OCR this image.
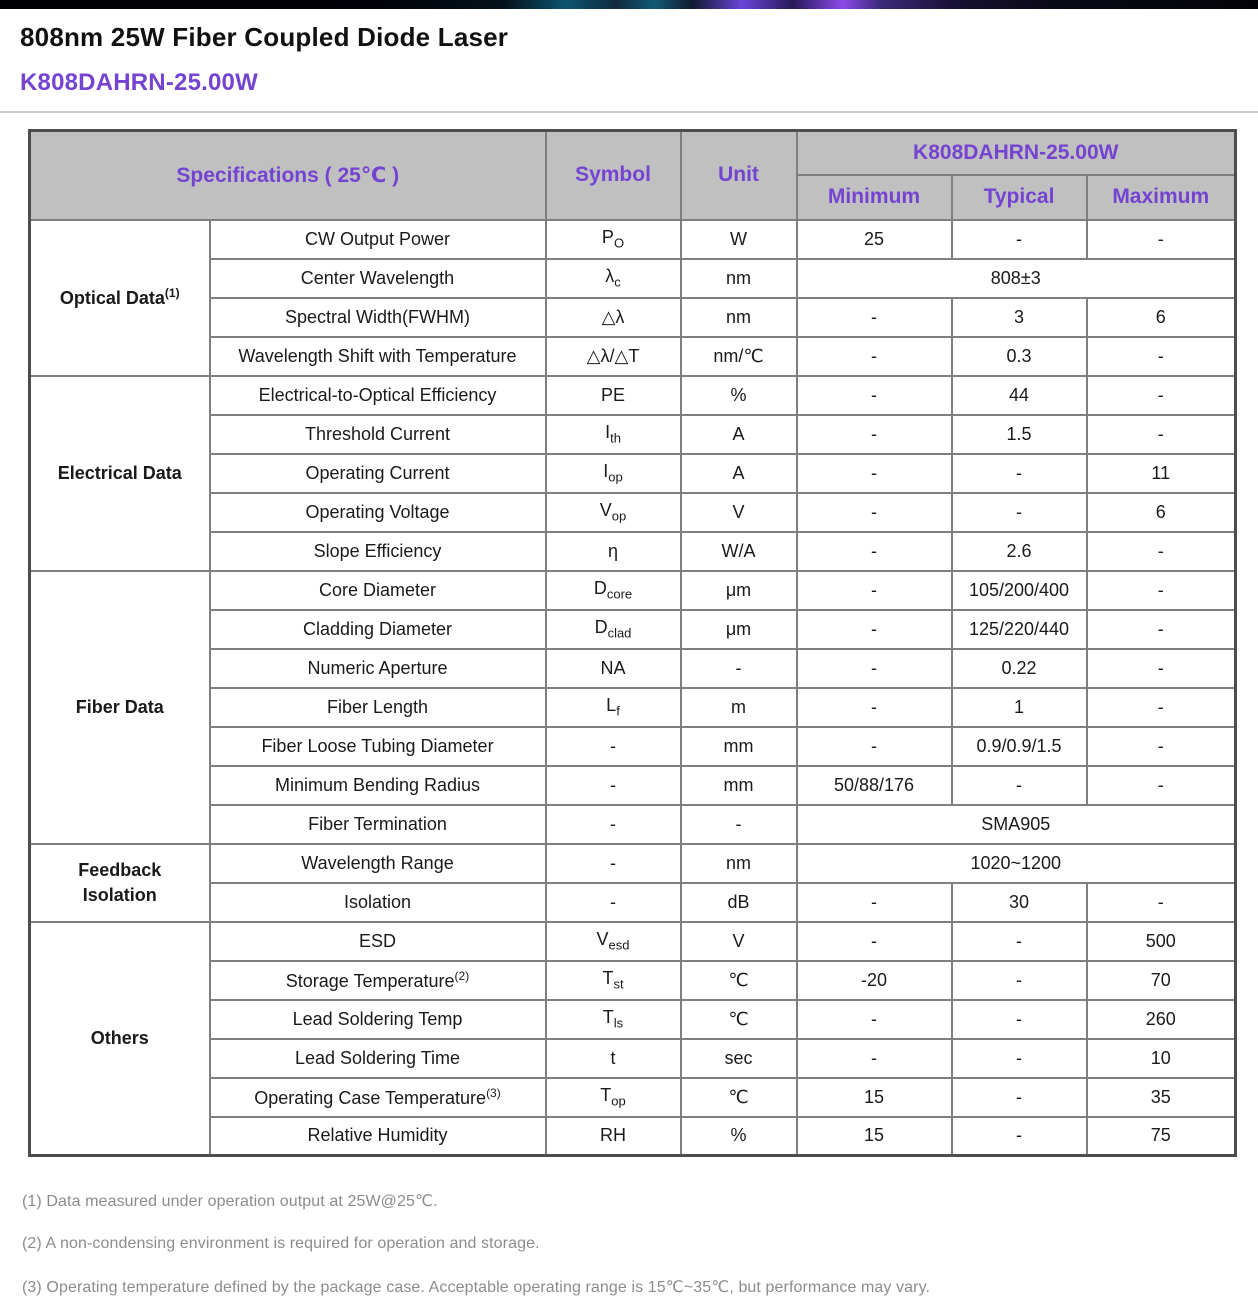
808nm 25W Fiber Coupled Diode Laser
K808DAHRN-25.00W
Specifications ( 25℃ )		Symbol	Unit	K808DAHRN-25.00W		
				Minimum	Typical	Maximum

Optical Data$^{(1)}$	CW Output Power	$P_O$	W	25	-	-
	Center Wavelength	$\lambda_c$	nm	808±3		
	Spectral Width(FWHM)	△λ	nm	-	3	6
	Wavelength Shift with Temperature	△λ/△T	nm/℃	-	0.3	-

Electrical Data	Electrical-to-Optical Efficiency	PE	%	-	44	-
	Threshold Current	$I_{th}$	A	-	1.5	-
	Operating Current	$I_{op}$	A	-	-	11
	Operating Voltage	$V_{op}$	V	-	-	6
	Slope Efficiency	η	W/A	-	2.6	-

Fiber Data	Core Diameter	$D_{core}$	μm	-	105/200/400	-
	Cladding Diameter	$D_{clad}$	μm	-	125/220/440	-
	Numeric Aperture	NA	-	-	0.22	-
	Fiber Length	$L_f$	m	-	1	-
	Fiber Loose Tubing Diameter	-	mm	-	0.9/0.9/1.5	-
	Minimum Bending Radius	-	mm	50/88/176	-	-
	Fiber Termination	-	-	SMA905		

Feedback
Isolation	Wavelength Range	-	nm	1020~1200		
	Isolation	-	dB	-	30	-

Others	ESD	$V_{esd}$	V	-	-	500
	Storage Temperature$^{(2)}$	$T_{st}$	℃	-20	-	70
	Lead Soldering Temp	$T_{ls}$	℃	-	-	260
	Lead Soldering Time	t	sec	-	-	10
	Operating Case Temperature$^{(3)}$	$T_{op}$	℃	15	-	35
	Relative Humidity	RH	%	15	-	75

(1) Data measured under operation output at 25W@25℃.

(2) A non-condensing environment is required for operation and storage.

(3) Operating temperature defined by the package case. Acceptable operating range is 15℃~35℃, but performance may vary.
